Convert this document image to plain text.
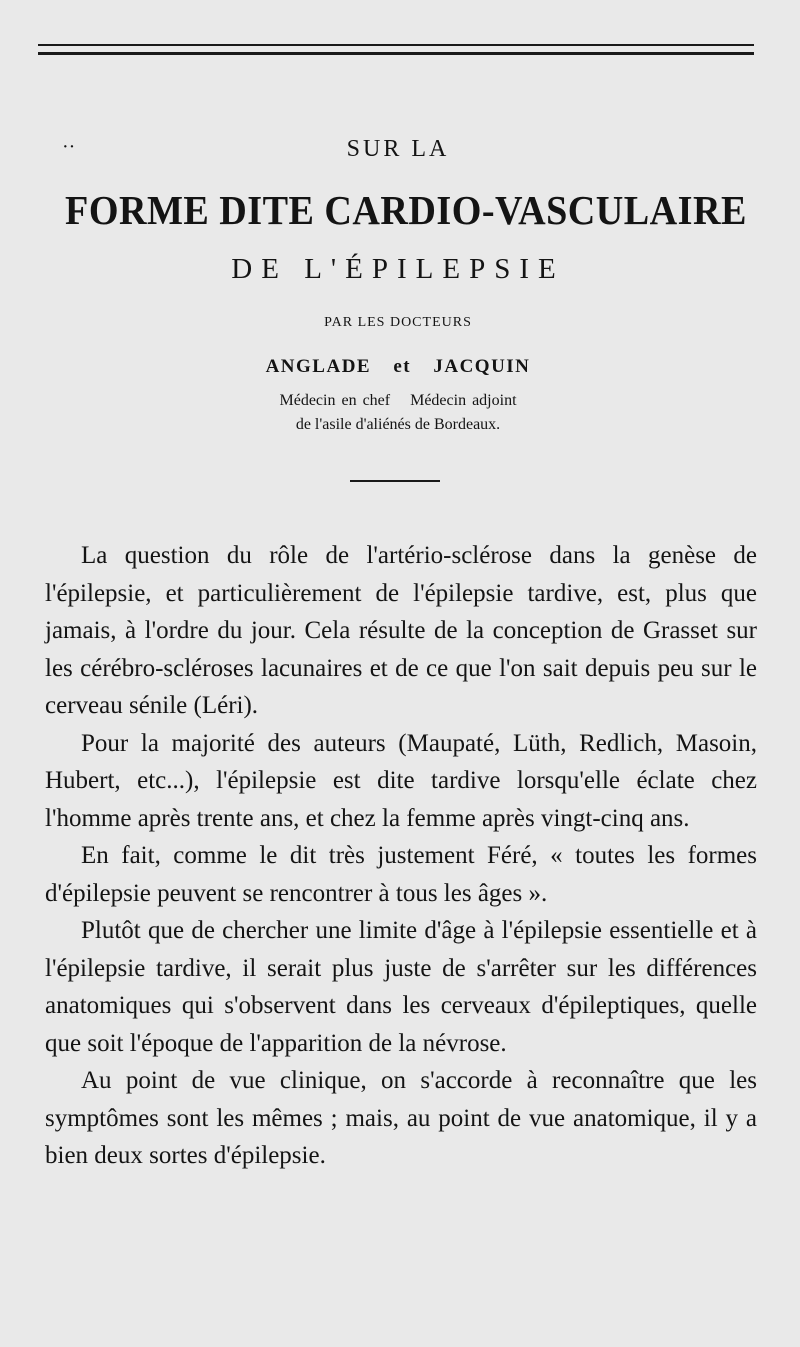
··	SUR LA
FORME DITE CARDIO-VASCULAIRE
DE L'ÉPILEPSIE
PAR LES DOCTEURS
ANGLADE et JACQUIN
Médecin en chef Médecin adjoint
de l'asile d'aliénés de Bordeaux.

La question du rôle de l'artério-sclérose dans la genèse de l'épilepsie, et particulièrement de l'épilepsie tardive, est, plus que jamais, à l'ordre du jour. Cela résulte de la conception de Grasset sur les cérébro-scléroses lacunaires et de ce que l'on sait depuis peu sur le cerveau sénile (Léri).

Pour la majorité des auteurs (Maupaté, Lüth, Redlich, Masoin, Hubert, etc...), l'épilepsie est dite tardive lorsqu'elle éclate chez l'homme après trente ans, et chez la femme après vingt-cinq ans.

En fait, comme le dit très justement Féré, « toutes les formes d'épilepsie peuvent se rencontrer à tous les âges ».

Plutôt que de chercher une limite d'âge à l'épilepsie essentielle et à l'épilepsie tardive, il serait plus juste de s'arrêter sur les différences anatomiques qui s'observent dans les cerveaux d'épileptiques, quelle que soit l'époque de l'apparition de la névrose.

Au point de vue clinique, on s'accorde à reconnaître que les symptômes sont les mêmes ; mais, au point de vue anatomique, il y a bien deux sortes d'épilepsie.
